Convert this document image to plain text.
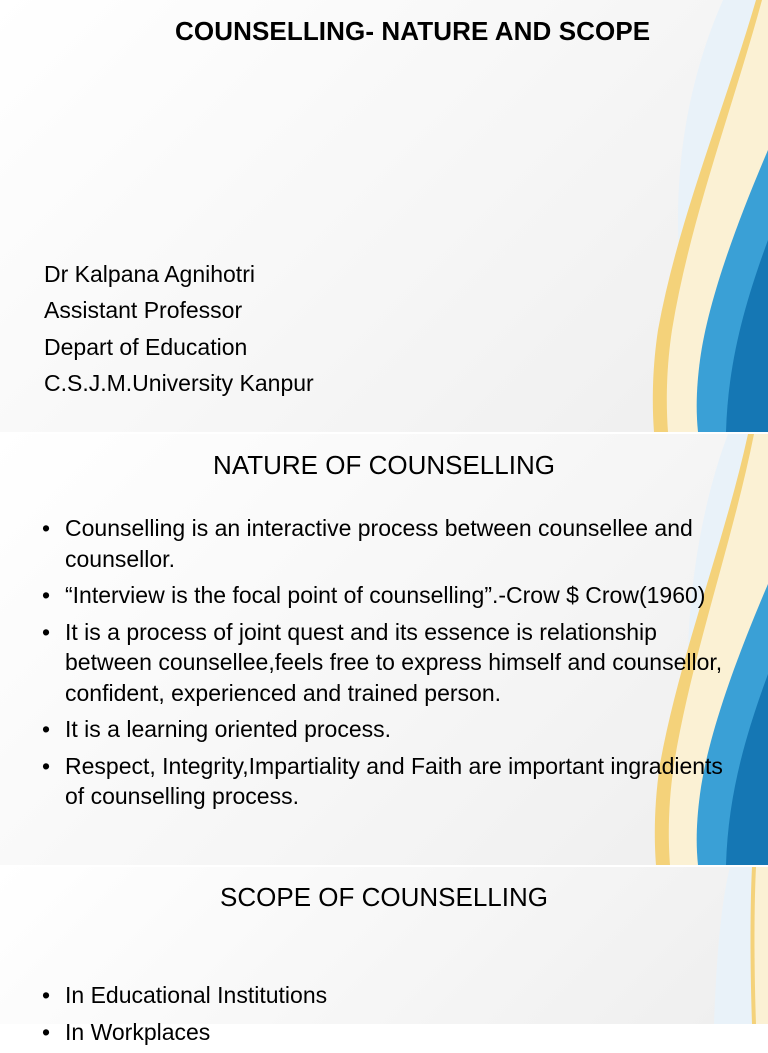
COUNSELLING- NATURE AND SCOPE
Dr Kalpana Agnihotri
Assistant Professor
Depart of Education
C.S.J.M.University Kanpur
NATURE OF COUNSELLING
• Counselling is an interactive process between counsellee and counsellor.
• “Interview is the focal point of counselling”.-Crow $ Crow(1960)
• It is a process of joint quest and its essence is relationship between counsellee,feels free to express himself and counsellor, confident, experienced and trained person.
• It is a learning oriented process.
• Respect, Integrity,Impartiality and Faith are important ingradients of counselling process.
SCOPE OF COUNSELLING
• In Educational Institutions
• In Workplaces
